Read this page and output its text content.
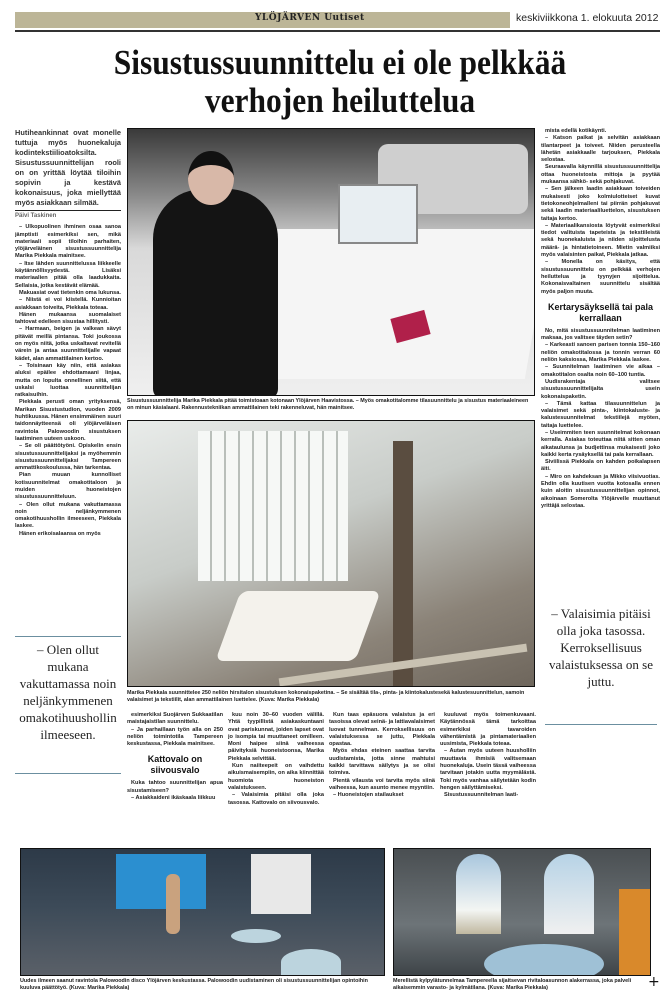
YLÖJÄRVEN Uutiset	keskiviikkona 1. elokuuta 2012
Sisustussuunnittelu ei ole pelkkää verhojen heiluttelua
Hutiheankinnat ovat monelle tuttuja myös huonekaluja kodintekstiilioatoksilta. Sisustussuunnittelijan rooli on on yrittää löytää tiloihin sopivin ja kestävä kokonaisuus, joka miellyttää myös asiakkaan silmää.
Päivi Taskinen

– Ulkopuolinen ihminen osaa sanoa jämptisti esimerkiksi sen, mikä materiaali sopii tiloihin parhaiten, ylöjärveläinen sisustussuunnittelija Marika Piekkala mainitsee.

– Itse lähden suunnittelussa liikkeelle käytännöllisyydestä. Lisäksi materiaalien pitää olla laadukkaita. Sellaisia, jotka kestävät elämää.

Makuasiat ovat tietenkin oma lukunsa.

– Niistä ei voi kiistellä. Kunnioitan asiakkaan toiveita, Piekkala toteaa.

Hänen mukaansa suomalaiset tahtovat edelleen sisustaa hillitysti.

– Harmaan, beigen ja valkean sävyt pitävät meillä pintansa. Toki joukossa on myös niitä, jotka uskaltavat revitellä värein ja antaa suunnittelijalle vapaat kädet, alan ammattilainen kertoo.

– Toisinaan käy niin, että asiakas aluksi epäilee ehdottamaani linjaa, mutta on lopulta onnellinen siitä, että uskalsi luottaa suunnittelijan ratkaisuihin.

Piekkala perusti oman yrityksensä, Marikan Sisustustudion, vuoden 2009 huhtikuussa. Hänen ensimmäinen suuri taidonnäytteensä oli ylöjärveläisen ravintola Palowoodin sisustuksen laatiminen uuteen uskoon.

– Se oli päättötyöni. Opiskelin ensin sisustussuunnittelijaksi ja myöhemmin sisustussuunnittelijaksi Tampereen ammattikoskoulussa, hän tarkentaa.

Pian muuan kunnolliset kotisuunnitelmat omakotitaloon ja muiden huoneistojen sisustussuunnitteluun.

– Olen ollut mukana vakuttamassa noin neljänkymmenen omakotihuushollin ilmeeseen, Piekkala laskee.

Hänen erikoisalaansa on myös

– Olen ollut mukana vakuttamassa noin neljänkymmenen omakotihuushollin ilmeeseen.
Sisustussuunnittelija Marika Piekkala pitää toimistoaan kotonaan Ylöjärven Haavistossa. – Myös omakotitalomme tilasuunnittelu ja sisustus materiaaleineen on minun käsialaani. Rakennustekniikan ammattilainen teki rakenneluvat, hän mainitsee.
Marika Piekkala suunnittelee 250 neliön hirsitalon sisustuksen kokonaispaketina. – Se sisältää tila-, pinta- ja kiintokalustesekä kalustesuunnittelun, samoin valaisimet ja tekstiilit, alan ammattilainen luettelee. (Kuva: Marika Piekkala)

mista edellä kotikäynti.

– Katson paikat ja selvitän asiakkaan tilantarpeet ja toiveet. Niiden perusteella lähetän asiakkaalle tarjouksen, Piekkala selostaa.

Seuraavalla käynnillä sisustussuunnittelija ottaa huoneistosta mittoja ja pyytää mukaansa sähkö- sekä pohjakuvat.

– Sen jälkeen laadin asiakkaan toiveiden mukaisesti joko kolmiulotteiset kuvat tietokoneohjelmalleni tai piirrän pohjakuvat sekä laadin materiaaliluettelon, sisustuksen taitaja kertoo.

– Materiaalikansiosta löytyvät esimerkiksi tiedot valituista tapeteista ja tekstiileistä sekä huonekaluista ja niiden sijoittelusta määrä- ja hintatietoineen. Mietin valmiiksi myös valaisinten paikat, Piekkala jatkaa.

– Monella on käsitys, että sisustussuunnittelu on pelkkää verhojen heiluttelua ja tyynyjen sijoittelua. Kokonaisvaltainen suunnittelu sisältää myös paljon muuta.

Kertarysäyksellä tai pala kerrallaan

No, mitä sisustussuunnitelman laatiminen maksaa, jos valitsee täyden setin?

– Karkeasti sanoen parisen tonnia 150–160 neliön omakotitalossa ja tonnin verran 60 neliön kaksiossa, Marika Piekkala laskee.

– Suunnitelman laatiminen vie aikaa – omakotitalon osalta noin 60–100 tuntia.

Uudisrakentaja valitsee sisustussuunnittelijalta usein kokonaispaketin.

– Tämä kattaa tilasuunnittelun ja valaisimet sekä pinta-, kiintokaluste- ja kalustesuunnitelmat tekstiilejä myöten, taitaja luettelee.

– Useimmiten teen suunnitelmat kokonaan kerralla. Asiakas toteuttaa niitä sitten oman aikataulunsa ja budjettinsa mukaisesti joko kaikki kerta rysäyksellä tai pala kerrallaan.

Siviilissä Piekkala on kahden poikalapsen äiti.

– Miro on kahdeksan ja Mikko viisivuotias. Ehdin olla kuutisen vuotta kotosalla ennen kuin aloitin sisustussuunnittelijan opinnot, aikoinaan Somerolta Ylöjärvelle muuttanut yrittäjä selostaa.

– Valaisimia pitäisi olla joka tasossa. Kerroksellisuus valaistuksessa on se juttu.

esimerkiksi Suojärven Sukkaatilan maistajaistilan suunnittelu.

– Ja parhaillaan työn alla on 250 neliön toimintotila Tampereen keskustassa, Piekkala mainitsee.

Kattovalo on siivousvalo

Kuka tahtoo suunnittelijan apua sisustamiseen?

– Asiakkaideni ikäskaala liikkuu

kuu noin 30–60 vuoden välillä. Yhtä tyypillistä asiakaskuntaani ovat pariskunnat, joiden lapset ovat jo isompia tai muuttaneet omilleen. Moni haipee siinä vaiheessa päivityksiä huoneistoonsa, Marika Piekkala selvittää.

Kun naiiteepeit on vaihdettu aikuismaisempiin, on aika kiinnittää huomiota huoneiston valaistukseen.

– Valaisimia pitäisi olla joka tasossa. Kattovalo on siivousvalo.

Kun taas epäsuora valaistus ja eri tasoissa olevat seinä- ja lattiavalaisimet luovat tunnelman. Kerroksellisuus on valaistuksessa se juttu, Piekkala opastaa.

Myös ehdas eteinen saattaa tarvita uudistamista, jotta sinne mahtuisi kaikki tarvittava säilytys ja se olisi toimiva.

Pientä vilausta voi tarvita myös siinä vaiheessa, kun asunto menee myyntiin.

– Huoneistojen stailaukset

kuuluvat myös toimenkuvaani. Käytännössä tämä tarkoittaa esimerkiksi tavaroiden vähentämistä ja pintamateriaalien uusimista, Piekkala toteaa.

– Autan myös uuteen huusholliin muuttavia ihmisiä valitsemaan huonekaluja. Usein tässä vaiheessa tarvitaan jotakin uutta myymälästä. Toki myös vanhaa säilytetään kodin hengen säilyttämiseksi.

Sisustussuunnitelman laati-

Uudes ilmeen saanut ravintola Palowoodin disco Ylöjärven keskustassa. Palowoodin uudistaminen oli sisustussuunnittelijan opintoihin kuuluva päättötyö. (Kuva: Marika Piekkala)
Merellistä kylpylätunnelmaa Tampereella sijaitsevan rivitaloasunnon alakerrassa, joka palveli aikaisemmin varasto- ja kylmätilana. (Kuva: Marika Piekkala)	+
